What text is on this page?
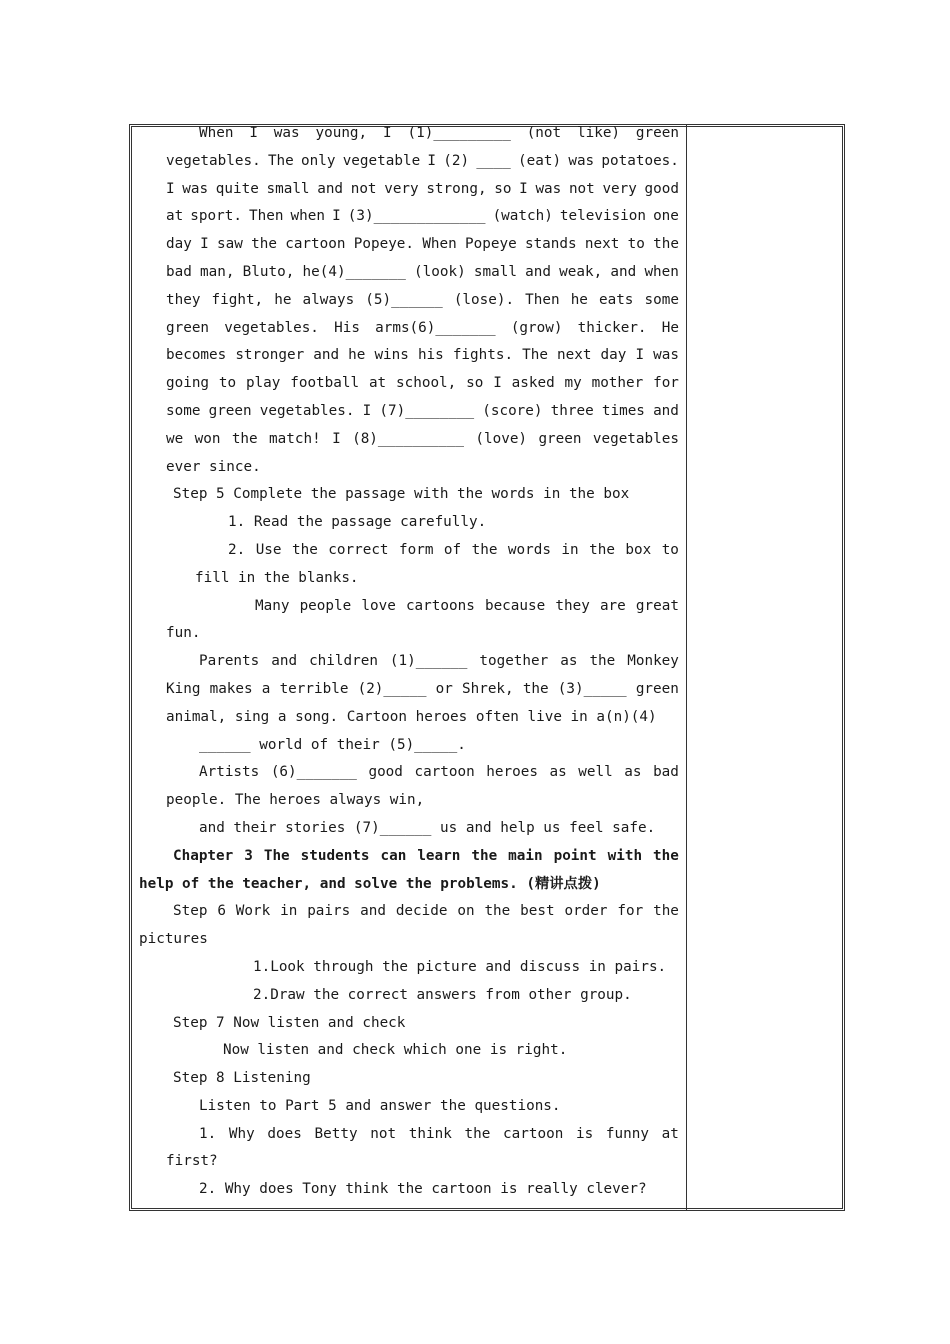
When I was young, I (1)_________ (not like) green
vegetables. The only vegetable I (2) ____ (eat) was potatoes.
I was quite small and not very strong, so I was not very good
at sport. Then when I (3)_____________ (watch) television one
day I saw the cartoon Popeye. When Popeye stands next to the
bad man, Bluto, he(4)_______ (look) small and weak, and when
they fight, he always (5)______ (lose). Then he eats some
green vegetables. His arms(6)_______ (grow) thicker. He
becomes stronger and he wins his fights. The next day I was
going to play football at school, so I asked my mother for
some green vegetables. I (7)________ (score) three times and
we won the match! I (8)__________ (love) green vegetables
ever since.
Step 5 Complete the passage with the words in the box
1. Read the passage carefully.
2. Use the correct form of the words in the box to
fill in the blanks.
Many people love cartoons because they are great
fun.
Parents and children (1)______ together as the Monkey
King makes a terrible (2)_____ or Shrek, the (3)_____ green
animal, sing a song. Cartoon heroes often live in a(n)(4)
______ world of their (5)_____.
Artists (6)_______ good cartoon heroes as well as bad
people. The heroes always win,
and their stories (7)______ us and help us feel safe.
Chapter 3 The students can learn the main point with the
help of the teacher, and solve the problems. (精讲点拨)
Step 6 Work in pairs and decide on the best order for the
pictures
1.Look through the picture and discuss in pairs.
2.Draw the correct answers from other group.
Step 7 Now listen and check
Now listen and check which one is right.
Step 8 Listening
Listen to Part 5 and answer the questions.
1. Why does Betty not think the cartoon is funny at
first?
2. Why does Tony think the cartoon is really clever?
